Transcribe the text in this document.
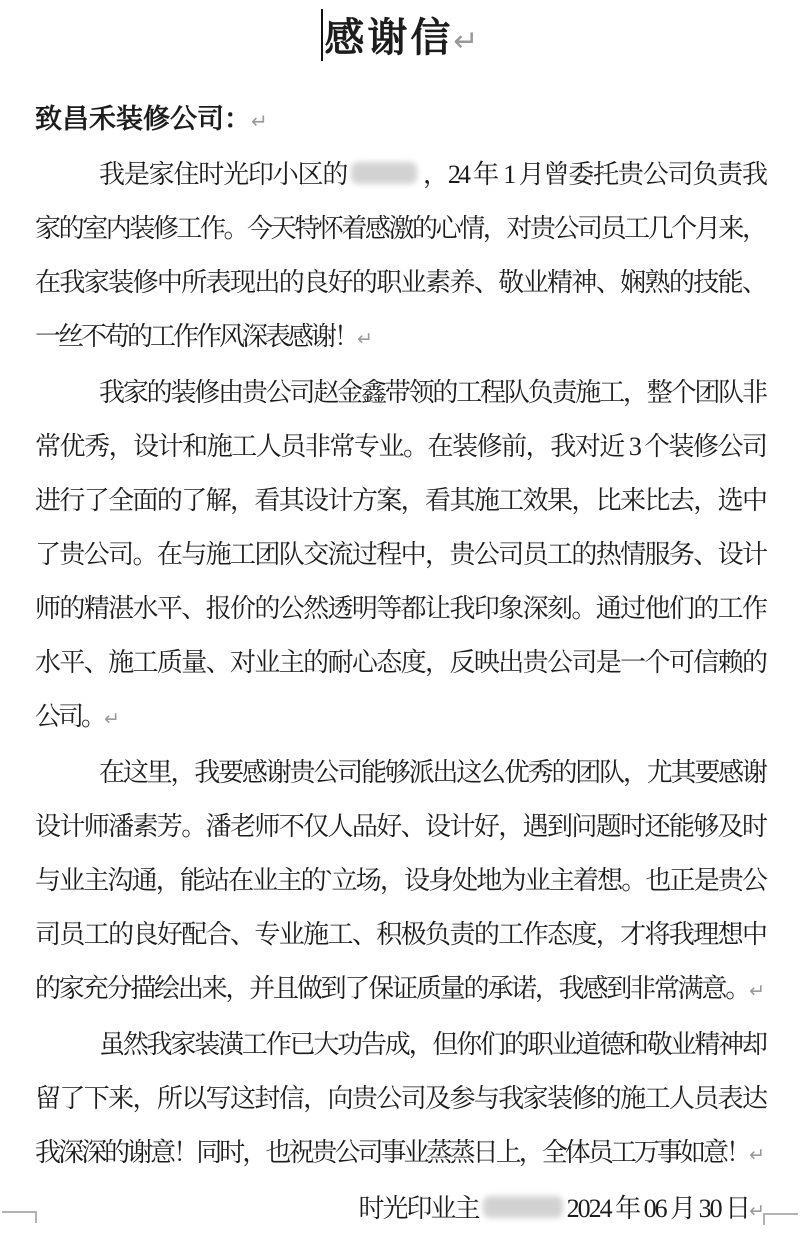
感谢信↵

致昌禾装修公司：↵

我是家住时光印小区的	，24 年 1 月曾委托贵公司负责我
家的室内装修工作。今天特怀着感激的心情，对贵公司员工几个月来，
在我家装修中所表现出的良好的职业素养、敬业精神、娴熟的技能、
一丝不苟的工作作风深表感谢！↵
我家的装修由贵公司赵金鑫带领的工程队负责施工，整个团队非
常优秀，设计和施工人员非常专业。在装修前，我对近 3 个装修公司
进行了全面的了解，看其设计方案，看其施工效果，比来比去，选中
了贵公司。在与施工团队交流过程中，贵公司员工的热情服务、设计
师的精湛水平、报价的公然透明等都让我印象深刻。通过他们的工作
水平、施工质量、对业主的耐心态度，反映出贵公司是一个可信赖的
公司。↵
在这里，我要感谢贵公司能够派出这么优秀的团队，尤其要感谢
设计师潘素芳。潘老师不仅人品好、设计好，遇到问题时还能够及时
与业主沟通，能站在业主的`立场，设身处地为业主着想。也正是贵公
司员工的良好配合、专业施工、积极负责的工作态度，才将我理想中
的家充分描绘出来，并且做到了保证质量的承诺，我感到非常满意。↵
虽然我家装潢工作已大功告成，但你们的职业道德和敬业精神却
留了下来，所以写这封信，向贵公司及参与我家装修的施工人员表达
我深深的谢意！同时，也祝贵公司事业蒸蒸日上，全体员工万事如意！↵

时光印业主	2024 年 06 月 30 日↵
